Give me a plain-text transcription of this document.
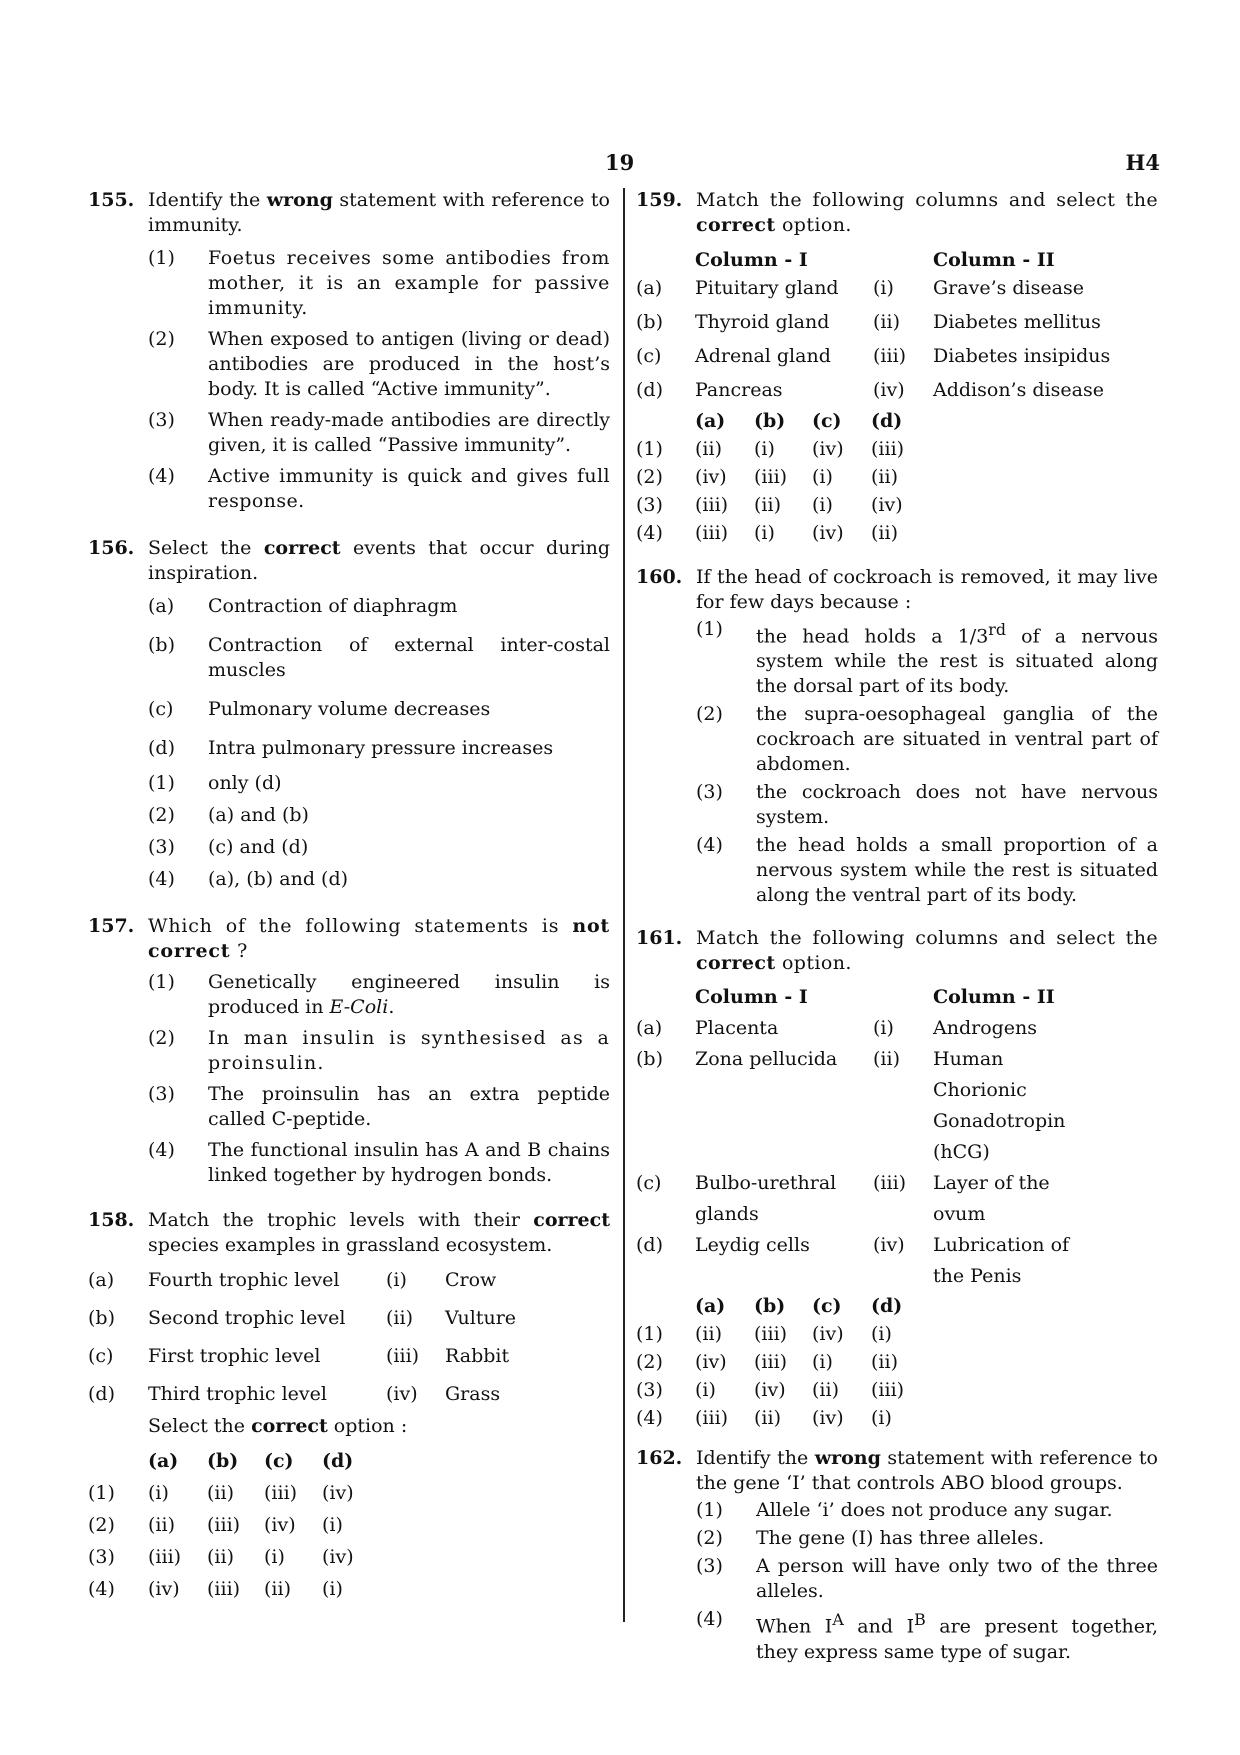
19	H4
155. Identify the wrong statement with reference to immunity.
(1) Foetus receives some antibodies from mother, it is an example for passive immunity.
(2) When exposed to antigen (living or dead) antibodies are produced in the host’s body. It is called “Active immunity”.
(3) When ready-made antibodies are directly given, it is called “Passive immunity”.
(4) Active immunity is quick and gives full response.
156. Select the correct events that occur during inspiration.
(a) Contraction of diaphragm
(b) Contraction of external inter-costal muscles
(c) Pulmonary volume decreases
(d) Intra pulmonary pressure increases
(1) only (d)
(2) (a) and (b)
(3) (c) and (d)
(4) (a), (b) and (d)
157. Which of the following statements is not correct ?
(1) Genetically engineered insulin is produced in E-Coli.
(2) In man insulin is synthesised as a proinsulin.
(3) The proinsulin has an extra peptide called C-peptide.
(4) The functional insulin has A and B chains linked together by hydrogen bonds.
158. Match the trophic levels with their correct species examples in grassland ecosystem.
(a)	Fourth trophic level	(i)	Crow
(b)	Second trophic level	(ii)	Vulture
(c)	First trophic level	(iii)	Rabbit
(d)	Third trophic level	(iv)	Grass
Select the correct option :
	(a)	(b)	(c)	(d)
(1)	(i)	(ii)	(iii)	(iv)
(2)	(ii)	(iii)	(iv)	(i)
(3)	(iii)	(ii)	(i)	(iv)
(4)	(iv)	(iii)	(ii)	(i)
159. Match the following columns and select the correct option.
	Column - I		Column - II
(a)	Pituitary gland	(i)	Grave’s disease
(b)	Thyroid gland	(ii)	Diabetes mellitus
(c)	Adrenal gland	(iii)	Diabetes insipidus
(d)	Pancreas	(iv)	Addison’s disease
	(a)	(b)	(c)	(d)
(1)	(ii)	(i)	(iv)	(iii)
(2)	(iv)	(iii)	(i)	(ii)
(3)	(iii)	(ii)	(i)	(iv)
(4)	(iii)	(i)	(iv)	(ii)
160. If the head of cockroach is removed, it may live for few days because :
(1) the head holds a 1/3rd of a nervous system while the rest is situated along the dorsal part of its body.
(2) the supra-oesophageal ganglia of the cockroach are situated in ventral part of abdomen.
(3) the cockroach does not have nervous system.
(4) the head holds a small proportion of a nervous system while the rest is situated along the ventral part of its body.
161. Match the following columns and select the correct option.
	Column - I		Column - II
(a)	Placenta	(i)	Androgens
(b)	Zona pellucida	(ii)	Human Chorionic Gonadotropin (hCG)
(c)	Bulbo-urethral glands	(iii)	Layer of the ovum
(d)	Leydig cells	(iv)	Lubrication of the Penis
	(a)	(b)	(c)	(d)
(1)	(ii)	(iii)	(iv)	(i)
(2)	(iv)	(iii)	(i)	(ii)
(3)	(i)	(iv)	(ii)	(iii)
(4)	(iii)	(ii)	(iv)	(i)
162. Identify the wrong statement with reference to the gene ‘I’ that controls ABO blood groups.
(1) Allele ‘i’ does not produce any sugar.
(2) The gene (I) has three alleles.
(3) A person will have only two of the three alleles.
(4) When $I^A$ and $I^B$ are present together, they express same type of sugar.
